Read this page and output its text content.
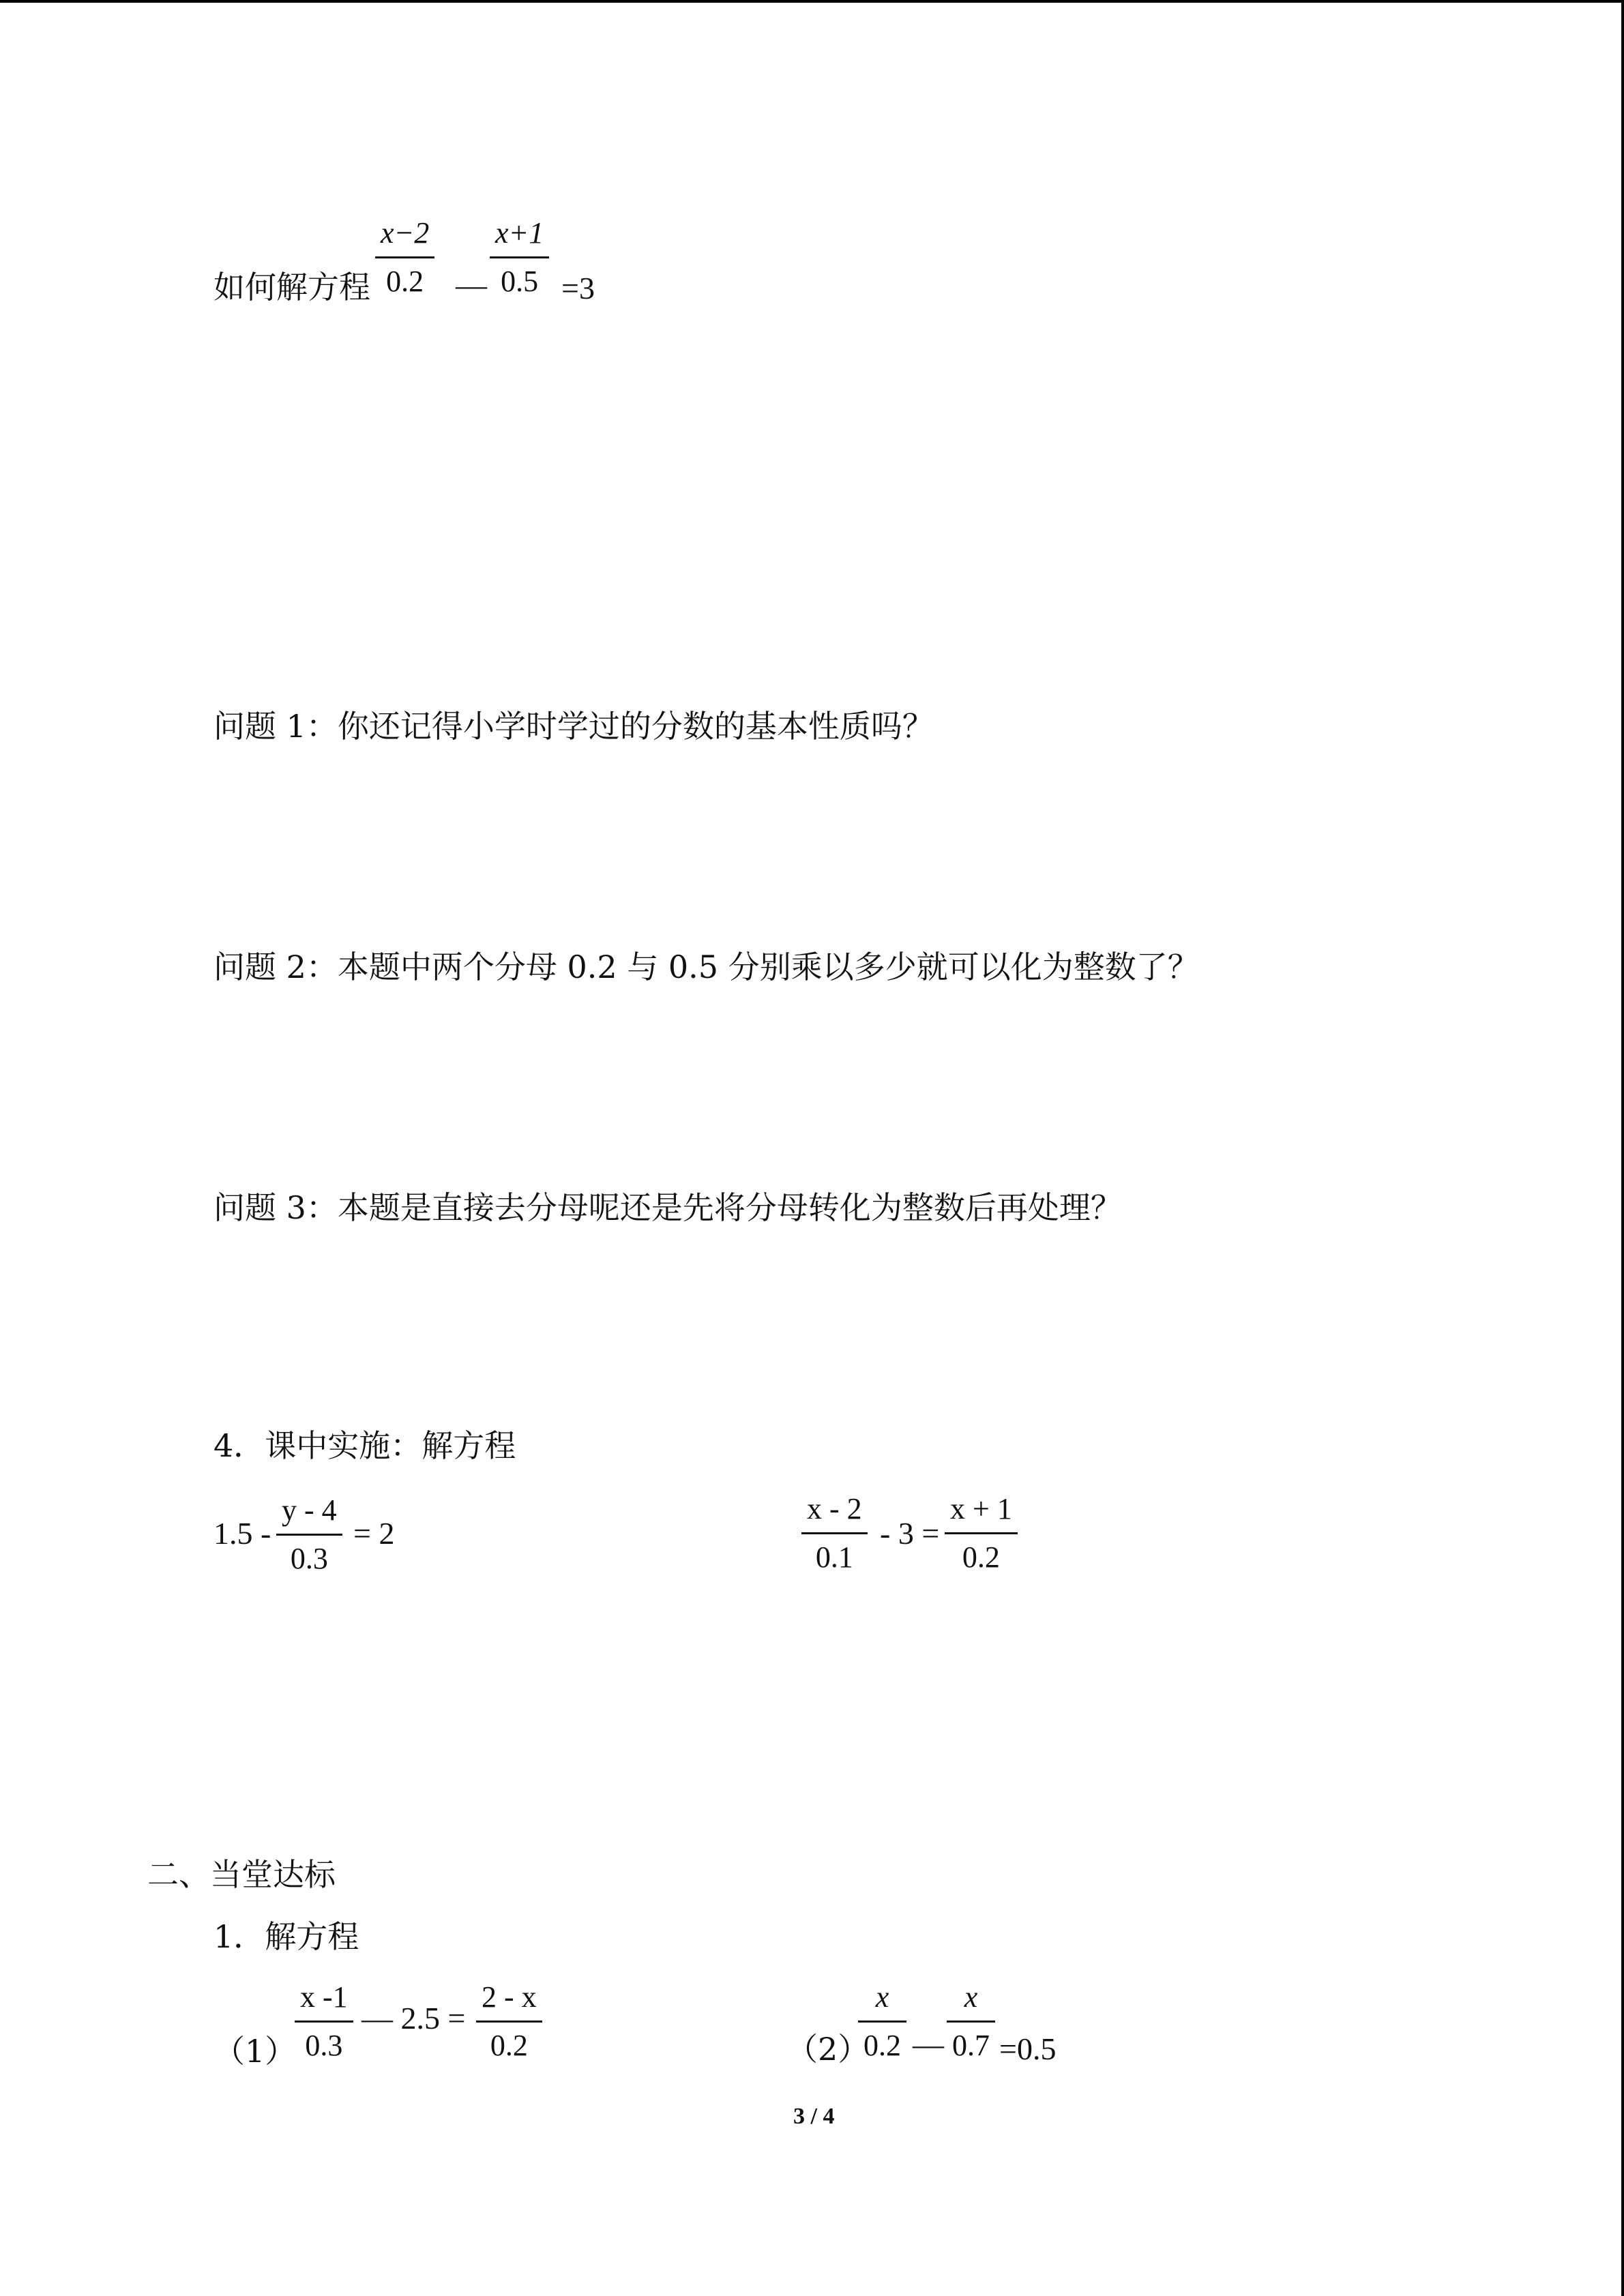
如何解方程
x−2
0.2 —
x+1
0.5 =3
问题 1：你还记得小学时学过的分数的基本性质吗？
问题 2：本题中两个分母 0.2 与 0.5 分别乘以多少就可以化为整数了？
问题 3：本题是直接去分母呢还是先将分母转化为整数后再处理？
4．课中实施：解方程
1.5 -
y - 4
0.3
= 2
x - 2
0.1
- 3 =
x + 1
0.2
二、当堂达标
1．解方程
（1）
x -1
0.3
— 2.5 =
2 - x
0.2	（2）
x
0.2 —
x
0.7 =0.5
3 / 4
